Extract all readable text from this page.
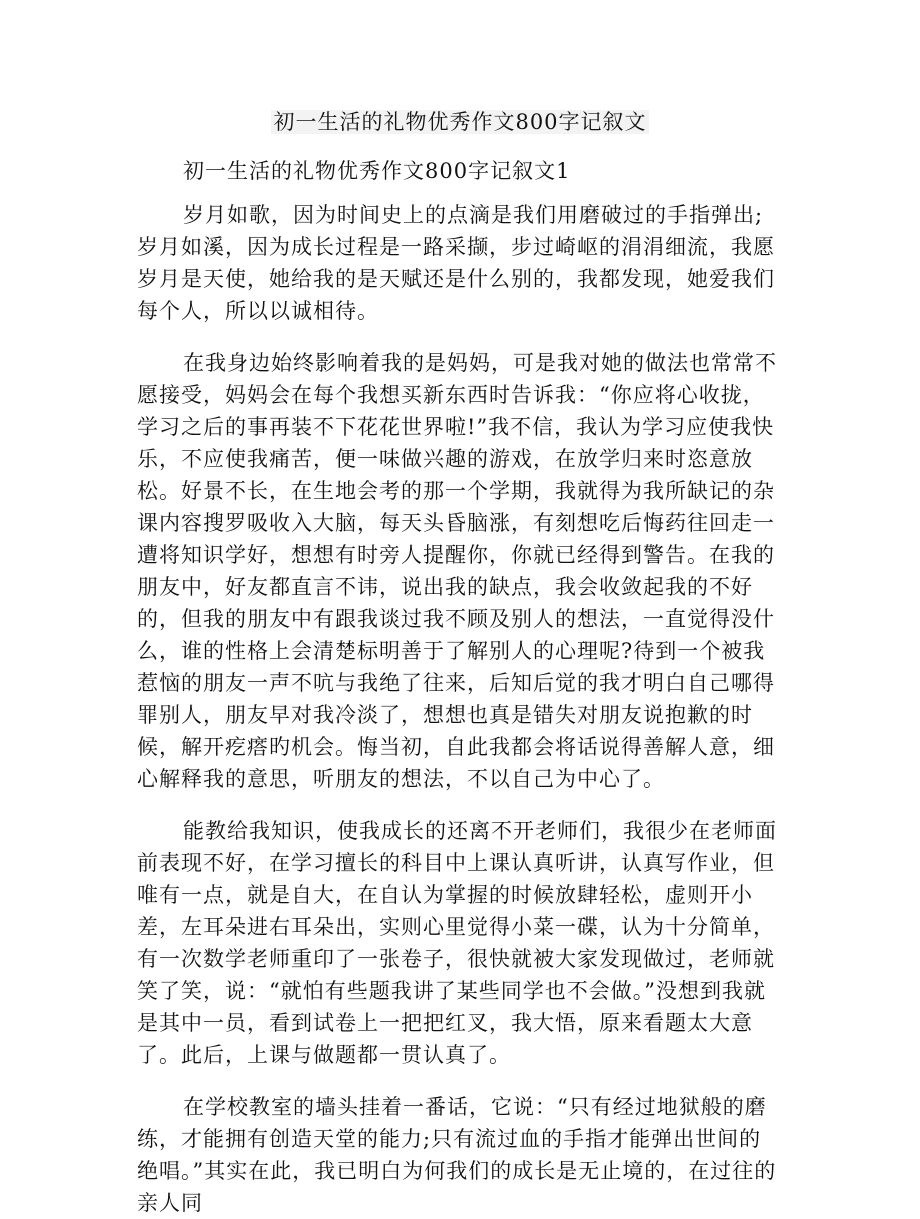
初一生活的礼物优秀作文800字记叙文
初一生活的礼物优秀作文800字记叙文1

岁月如歌，因为时间史上的点滴是我们用磨破过的手指弹出;岁月如溪，因为成长过程是一路采撷，步过崎岖的涓涓细流，我愿岁月是天使，她给我的是天赋还是什么别的，我都发现，她爱我们每个人，所以以诚相待。

在我身边始终影响着我的是妈妈，可是我对她的做法也常常不愿接受，妈妈会在每个我想买新东西时告诉我：“你应将心收拢，学习之后的事再装不下花花世界啦!”我不信，我认为学习应使我快乐，不应使我痛苦，便一味做兴趣的游戏，在放学归来时恣意放松。好景不长，在生地会考的那一个学期，我就得为我所缺记的杂课内容搜罗吸收入大脑，每天头昏脑涨，有刻想吃后悔药往回走一遭将知识学好，想想有时旁人提醒你，你就已经得到警告。在我的朋友中，好友都直言不讳，说出我的缺点，我会收敛起我的不好的，但我的朋友中有跟我谈过我不顾及别人的想法，一直觉得没什么，谁的性格上会清楚标明善于了解别人的心理呢?待到一个被我惹恼的朋友一声不吭与我绝了往来，后知后觉的我才明白自己哪得罪别人，朋友早对我冷淡了，想想也真是错失对朋友说抱歉的时候，解开疙瘩旳机会。悔当初，自此我都会将话说得善解人意，细心解释我的意思，听朋友的想法，不以自己为中心了。

能教给我知识，使我成长的还离不开老师们，我很少在老师面前表现不好，在学习擅长的科目中上课认真听讲，认真写作业，但唯有一点，就是自大，在自认为掌握的时候放肆轻松，虚则开小差，左耳朵进右耳朵出，实则心里觉得小菜一碟，认为十分简单，有一次数学老师重印了一张卷子，很快就被大家发现做过，老师就笑了笑，说：“就怕有些题我讲了某些同学也不会做。”没想到我就是其中一员，看到试卷上一把把红叉，我大悟，原来看题太大意了。此后，上课与做题都一贯认真了。

在学校教室的墙头挂着一番话，它说：“只有经过地狱般的磨练，才能拥有创造天堂的能力;只有流过血的手指才能弹出世间的绝唱。”其实在此，我已明白为何我们的成长是无止境的，在过往的亲人同
